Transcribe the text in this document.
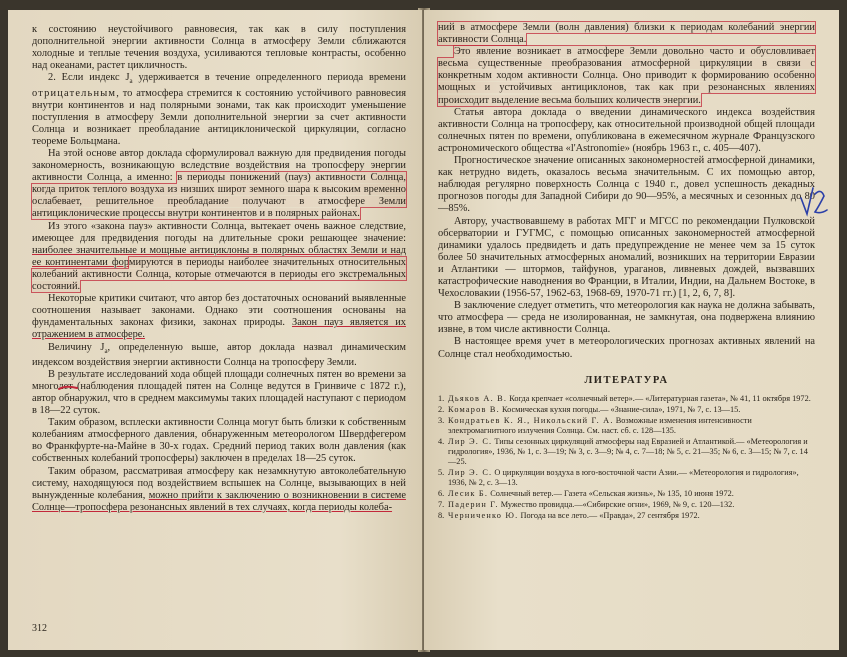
к состоянию неустойчивого равновесия, так как в силу поступления дополнительной энергии активности Солнца в атмосферу Земли сближаются холодные и теплые течения воздуха, усиливаются тепловые контрасты, особенно над океанами, растет цикличность.

2. Если индекс $J_a$ удерживается в течение определенного периода времени отрицательным, то атмосфера стремится к состоянию устойчивого равновесия внутри континентов и над полярными зонами, так как происходит уменьшение поступления в атмосферу Земли дополнительной энергии за счет активности Солнца и возникает преобладание антициклонической циркуляции, согласно теореме Больцмана.

На этой основе автор доклада сформулировал важную для предвидения погоды закономерность, возникающую вследствие воздействия на тропосферу энергии активности Солнца, а именно: в периоды понижений (пауз) активности Солнца, когда приток теплого воздуха из низших широт земного шара к высоким временно ослабевает, решительное преобладание получают в атмосфере Земли антициклонические процессы внутри континентов и в полярных районах.

Из этого «закона пауз» активности Солнца, вытекает очень важное следствие, имеющее для предвидения погоды на длительные сроки решающее значение: наиболее значительные и мощные антициклоны в полярных областях Земли и над ее континентами формируются в периоды наиболее значительных относительных колебаний активности Солнца, которые отмечаются в периоды его экстремальных состояний.

Некоторые критики считают, что автор без достаточных оснований выявленные соотношения называет законами. Однако эти соотношения основаны на фундаментальных законах физики, законах природы. Закон пауз является их отражением в атмосфере.

Величину $J_a$, определенную выше, автор доклада назвал динамическим индексом воздействия энергии активности Солнца на тропосферу Земли.

В результате исследований хода общей площади солнечных пятен во времени за многолет (наблюдения площадей пятен на Солнце ведутся в Гринвиче с 1872 г.), автор обнаружил, что в среднем максимумы таких площадей наступают с периодом в 18—22 суток.

Таким образом, всплески активности Солнца могут быть близки к собственным колебаниям атмосферного давления, обнаруженным метеорологом Швердфегером во Франкфурте-на-Майне в 30-х годах. Средний период таких волн давления (как собственных колебаний тропосферы) заключен в пределах 18—25 суток.

Таким образом, рассматривая атмосферу как незамкнутую автоколебательную систему, находящуюся под воздействием вспышек на Солнце, вызывающих в ней вынужденные колебания, можно прийти к заключению о возникновении в системе Солнце—тропосфера резонансных явлений в тех случаях, когда периоды колеба-

312

ний в атмосфере Земли (волн давления) близки к периодам колебаний энергии активности Солнца.

Это явление возникает в атмосфере Земли довольно часто и обусловливает весьма существенные преобразования атмосферной циркуляции в связи с конкретным ходом активности Солнца. Оно приводит к формированию особенно мощных и устойчивых антициклонов, так как при резонансных явлениях происходит выделение весьма больших количеств энергии.

Статья автора доклада о введении динамического индекса воздействия активности Солнца на тропосферу, как относительной производной общей площади солнечных пятен по времени, опубликована в ежемесячном журнале Французского астрономического общества «l'Astronomie» (ноябрь 1963 г., с. 405—407).

Прогностическое значение описанных закономерностей атмосферной динамики, как нетрудно видеть, оказалось весьма значительным. С их помощью автор, наблюдая регулярно поверхность Солнца с 1940 г., довел успешность декадных прогнозов погоды для Западной Сибири до 90—95%, а месячных и сезонных до 80—85%.

Автору, участвовавшему в работах МГГ и МГСС по рекомендации Пулковской обсерватории и ГУГМС, с помощью описанных закономерностей атмосферной динамики удалось предвидеть и дать предупреждение не менее чем за 15 суток более 50 значительных атмосферных аномалий, возникших на территории Евразии и Атлантики — штормов, тайфунов, ураганов, ливневых дождей, вызвавших катастрофические наводнения во Франции, в Италии, Индии, на Дальнем Востоке, в Чехословакии (1956-57, 1962-63, 1968-69, 1970-71 гг.) [1, 2, 6, 7, 8].

В заключение следует отметить, что метеорология как наука не должна забывать, что атмосфера — среда не изолированная, не замкнутая, она подвержена влиянию извне, в том числе активности Солнца.

В настоящее время учет в метеорологических прогнозах активных явлений на Солнце стал необходимостью.

ЛИТЕРАТУРА

1. Дьяков А. В. Когда крепчает «солнечный ветер».— «Литературная газета», № 41, 11 октября 1972.

2. Комаров В. Космическая кухня погоды.— «Знание-сила», 1971, № 7, с. 13—15.

3. Кондратьев К. Я., Никольский Г. А. Возможные изменения интенсивности электромагнитного излучения Солнца. См. наст. сб. с. 128—135.

4. Лир Э. С. Типы сезонных циркуляций атмосферы над Евразией и Атлантикой.— «Метеорология и гидрология», 1936, № 1, с. 3—19; № 3, с. 3—9; № 4, с. 7—18; № 5, с. 21—35; № 6, с. 3—15; № 7, с. 14—25.

5. Лир Э. С. О циркуляции воздуха в юго-восточной части Азии.— «Метеорология и гидрология», 1936, № 2, с. 3—13.

6. Лесик Б. Солнечный ветер.— Газета «Сельская жизнь», № 135, 10 июня 1972.

7. Падерин Г. Мужество провидца.—«Сибирские огни», 1969, № 9, с. 120—132.

8. Черниченко Ю. Погода на все лето.— «Правда», 27 сентября 1972.
